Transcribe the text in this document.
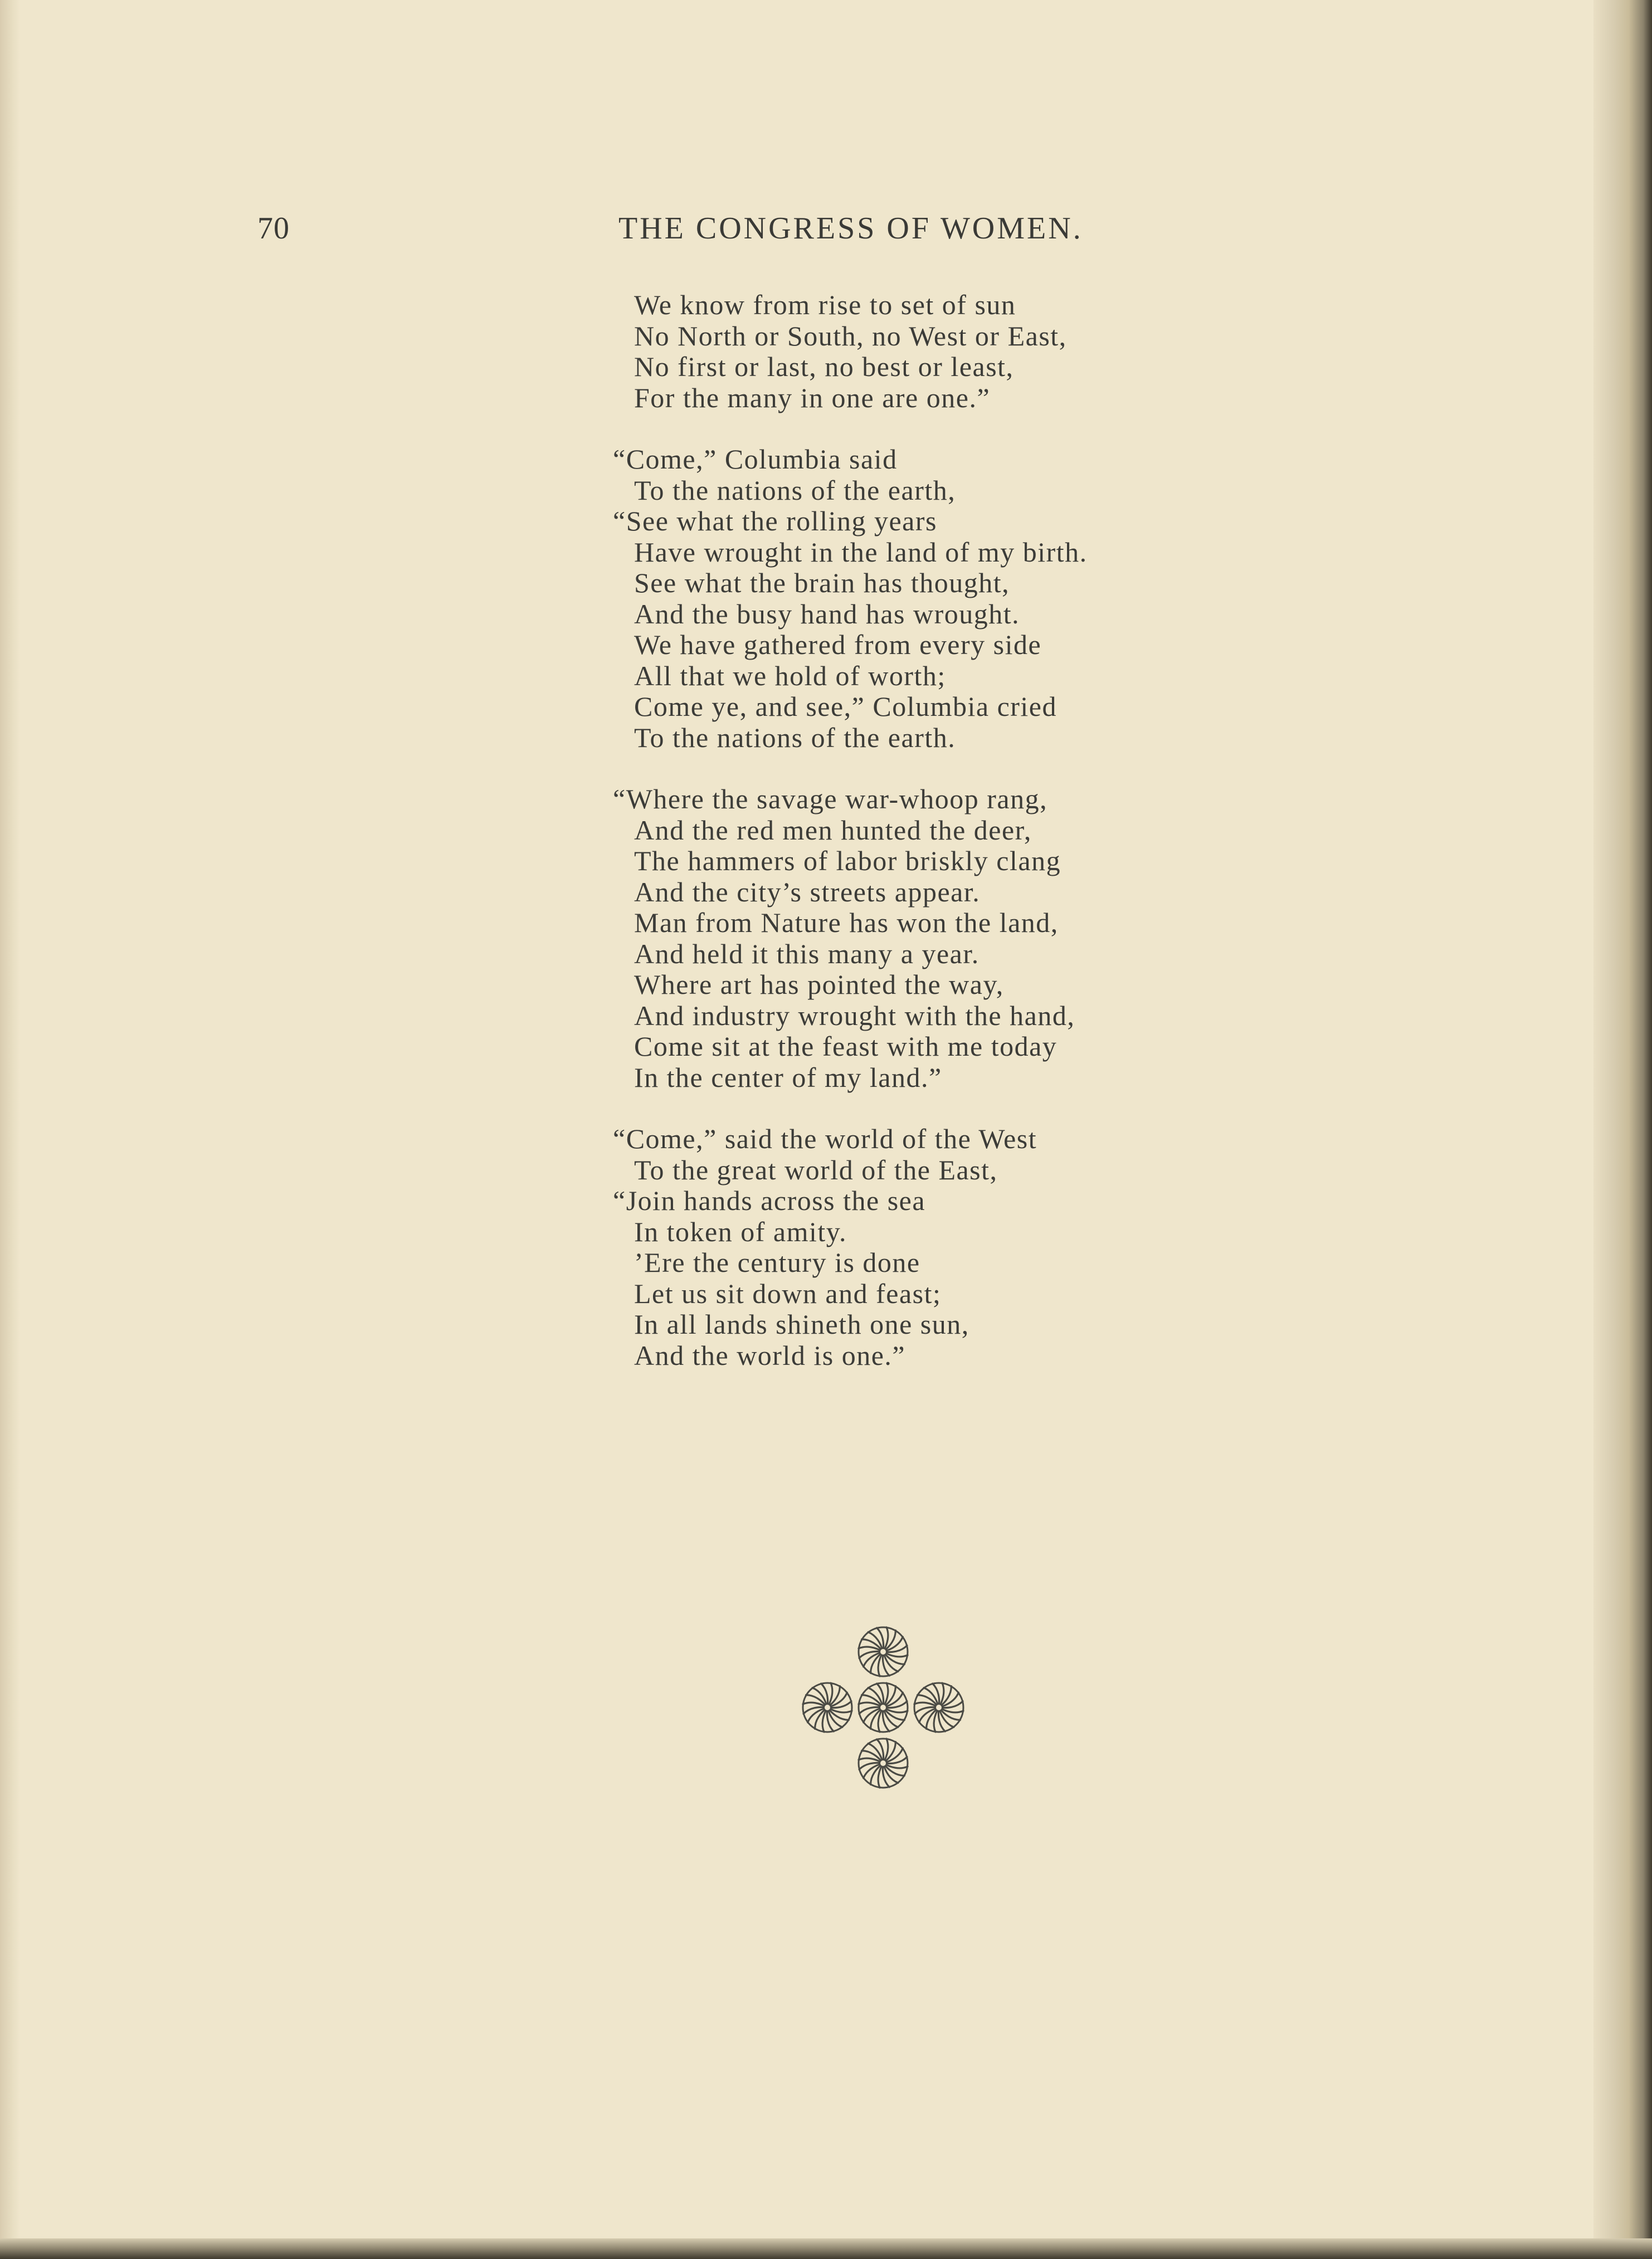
70	THE CONGRESS OF WOMEN.
We know from rise to set of sun
No North or South, no West or East,
No first or last, no best or least,
For the many in one are one.”
“Come,” Columbia said
To the nations of the earth,
“See what the rolling years
Have wrought in the land of my birth.
See what the brain has thought,
And the busy hand has wrought.
We have gathered from every side
All that we hold of worth;
Come ye, and see,” Columbia cried
To the nations of the earth.
“Where the savage war-whoop rang,
And the red men hunted the deer,
The hammers of labor briskly clang
And the city’s streets appear.
Man from Nature has won the land,
And held it this many a year.
Where art has pointed the way,
And industry wrought with the hand,
Come sit at the feast with me today
In the center of my land.”
“Come,” said the world of the West
To the great world of the East,
“Join hands across the sea
In token of amity.
’Ere the century is done
Let us sit down and feast;
In all lands shineth one sun,
And the world is one.”
